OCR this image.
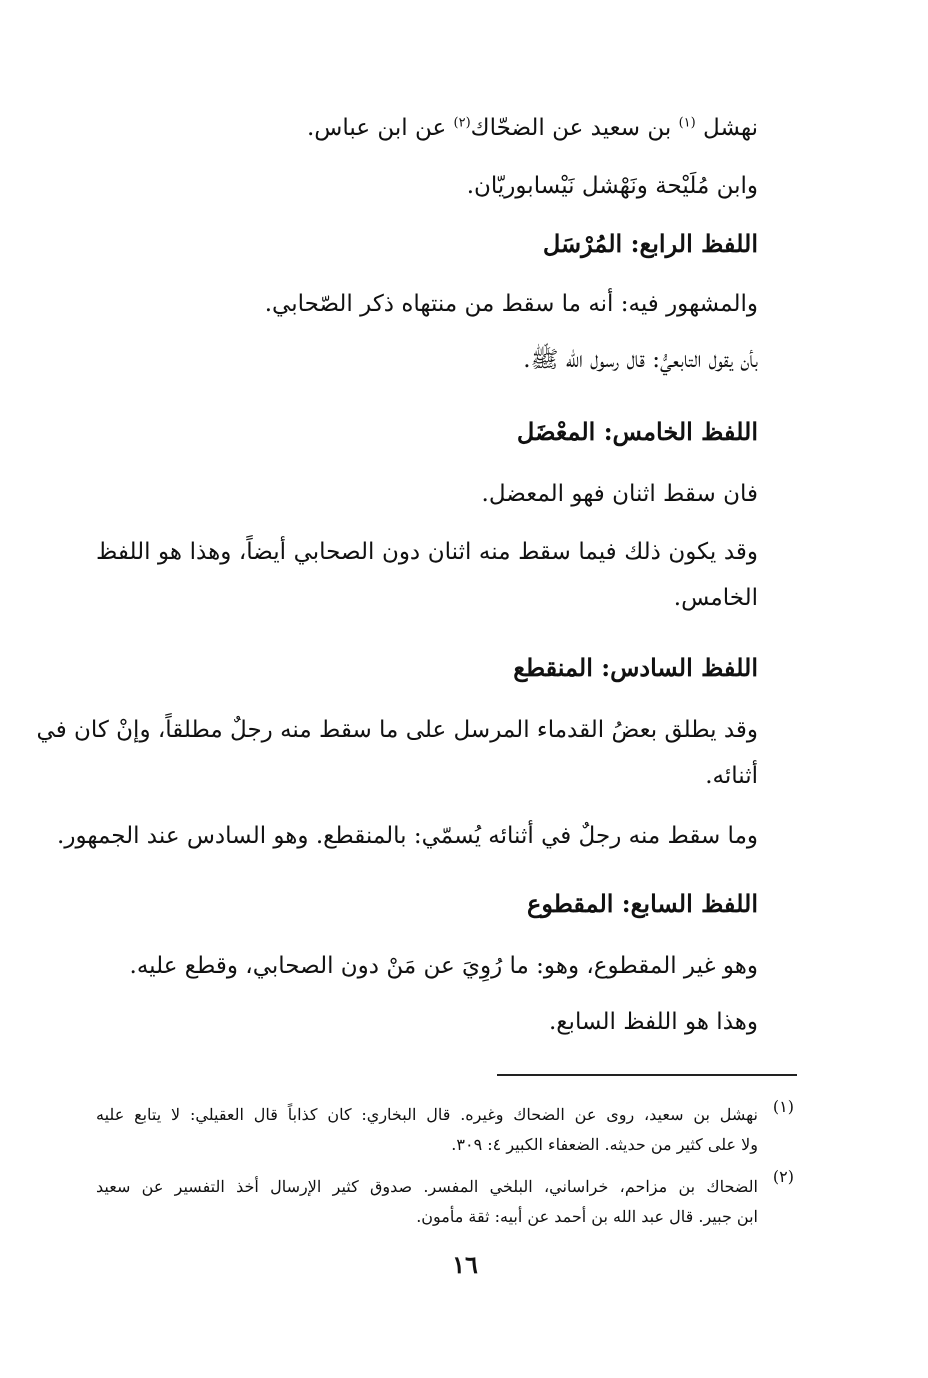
نهشل $^{(١)}$ بن سعيد عن الضحّاك$^{(٢)}$ عن ابن عباس.
وابن مُلَيْحة ونَهْشل نَيْسابوريّان.
اللفظ الرابع: المُرْسَل
والمشهور فيه: أنه ما سقط من منتهاه ذكر الصّحابي.
بأن يقول التابعيُّ: قال رسول الله ﷺ.
اللفظ الخامس: المعْضَل
فان سقط اثنان فهو المعضل.
وقد يكون ذلك فيما سقط منه اثنان دون الصحابي أيضاً، وهذا هو اللفظ
الخامس.
اللفظ السادس: المنقطع
وقد يطلق بعضُ القدماء المرسل على ما سقط منه رجلٌ مطلقاً، وإنْ كان في
أثنائه.
وما سقط منه رجلٌ في أثنائه يُسمّي: بالمنقطع. وهو السادس عند الجمهور.
اللفظ السابع: المقطوع
وهو غير المقطوع، وهو: ما رُوِيَ عن مَنْ دون الصحابي، وقطع عليه.
وهذا هو اللفظ السابع.
(١)
نهشل بن سعيد، روى عن الضحاك وغيره. قال البخاري: كان كذاباً قال العقيلي: لا يتابع عليه
ولا على كثير من حديثه. الضعفاء الكبير ٤: ٣٠٩.
(٢)
الضحاك بن مزاحم، خراساني، البلخي المفسر. صدوق كثير الإرسال أخذ التفسير عن سعيد
ابن جبير. قال عبد الله بن أحمد عن أبيه: ثقة مأمون.
١٦
